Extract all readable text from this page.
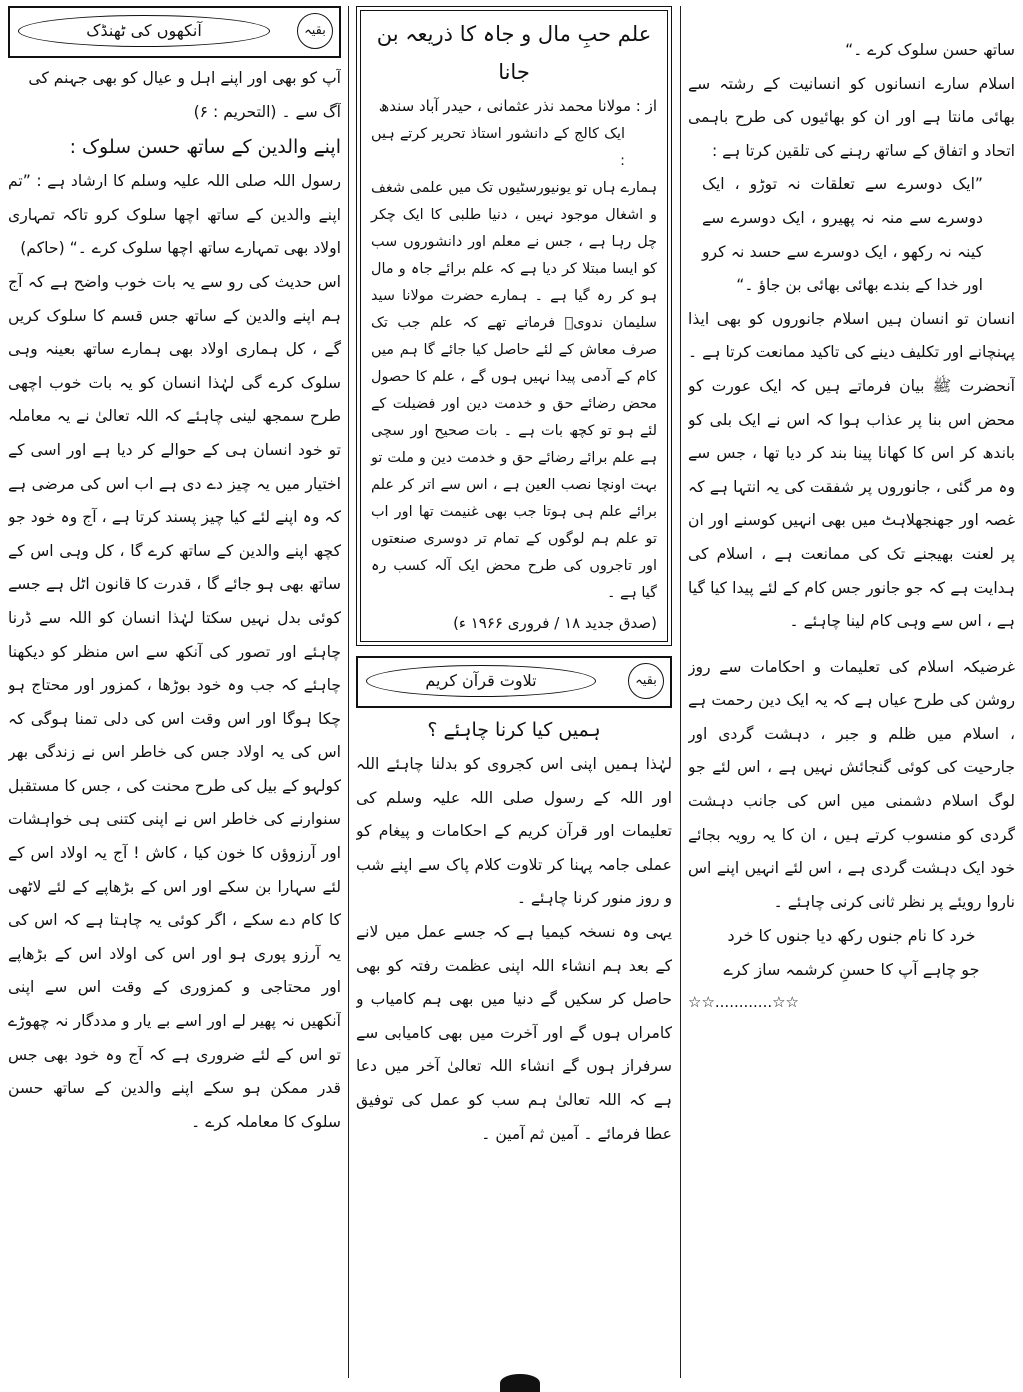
آنکھوں کی ٹھنڈک	بقیہ

آپ کو بھی اور اپنے اہل و عیال کو بھی جہنم کی

آگ سے ۔ (التحریم : ۶)

اپنے والدین کے ساتھ حسن سلوک :

رسول اللہ صلی اللہ علیہ وسلم کا ارشاد ہے : ”تم اپنے والدین کے ساتھ اچھا سلوک کرو تاکہ تمہاری اولاد بھی تمہارے ساتھ اچھا سلوک کرے ۔“ (حاکم)

اس حدیث کی رو سے یہ بات خوب واضح ہے کہ آج ہم اپنے والدین کے ساتھ جس قسم کا سلوک کریں گے ، کل ہماری اولاد بھی ہمارے ساتھ بعینہ وہی سلوک کرے گی لہٰذا انسان کو یہ بات خوب اچھی طرح سمجھ لینی چاہئے کہ اللہ تعالیٰ نے یہ معاملہ تو خود انسان ہی کے حوالے کر دیا ہے اور اسی کے اختیار میں یہ چیز دے دی ہے اب اس کی مرضی ہے کہ وہ اپنے لئے کیا چیز پسند کرتا ہے ، آج وہ خود جو کچھ اپنے والدین کے ساتھ کرے گا ، کل وہی اس کے ساتھ بھی ہو جائے گا ، قدرت کا قانون اٹل ہے جسے کوئی بدل نہیں سکتا لہٰذا انسان کو اللہ سے ڈرنا چاہئے اور تصور کی آنکھ سے اس منظر کو دیکھنا چاہئے کہ جب وہ خود بوڑھا ، کمزور اور محتاج ہو چکا ہوگا اور اس وقت اس کی دلی تمنا ہوگی کہ اس کی یہ اولاد جس کی خاطر اس نے زندگی بھر کولہو کے بیل کی طرح محنت کی ، جس کا مستقبل سنوارنے کی خاطر اس نے اپنی کتنی ہی خواہشات اور آرزوؤں کا خون کیا ، کاش ! آج یہ اولاد اس کے لئے سہارا بن سکے اور اس کے بڑھاپے کے لئے لاٹھی کا کام دے سکے ، اگر کوئی یہ چاہتا ہے کہ اس کی یہ آرزو پوری ہو اور اس کی اولاد اس کے بڑھاپے اور محتاجی و کمزوری کے وقت اس سے اپنی آنکھیں نہ پھیر لے اور اسے بے یار و مددگار نہ چھوڑے تو اس کے لئے ضروری ہے کہ آج وہ خود بھی جس قدر ممکن ہو سکے اپنے والدین کے ساتھ حسن سلوک کا معاملہ کرے ۔

علم حبِ مال و جاہ کا ذریعہ بن جانا
از : مولانا محمد نذر عثمانی ، حیدر آباد سندھ

ایک کالج کے دانشور استاذ تحریر کرتے ہیں :

ہمارے ہاں تو یونیورسٹیوں تک میں علمی شغف و اشغال موجود نہیں ، دنیا طلبی کا ایک چکر چل رہا ہے ، جس نے معلم اور دانشوروں سب کو ایسا مبتلا کر دیا ہے کہ علم برائے جاہ و مال ہو کر رہ گیا ہے ۔ ہمارے حضرت مولانا سید سلیمان ندویؒ فرماتے تھے کہ علم جب تک صرف معاش کے لئے حاصل کیا جائے گا ہم میں کام کے آدمی پیدا نہیں ہوں گے ، علم کا حصول محض رضائے حق و خدمت دین اور فضیلت کے لئے ہو تو کچھ بات ہے ۔ بات صحیح اور سچی ہے علم برائے رضائے حق و خدمت دین و ملت تو بہت اونچا نصب العین ہے ، اس سے اتر کر علم برائے علم ہی ہوتا جب بھی غنیمت تھا اور اب تو علم ہم لوگوں کے تمام تر دوسری صنعتوں اور تاجروں کی طرح محض ایک آلہ کسب رہ گیا ہے ۔

(صدق جدید ۱۸ / فروری ۱۹۶۶ ء)
تلاوت قرآن کریم	بقیہ

ہمیں کیا کرنا چاہئے ؟

لہٰذا ہمیں اپنی اس کجروی کو بدلنا چاہئے اللہ اور اللہ کے رسول صلی اللہ علیہ وسلم کی تعلیمات اور قرآن کریم کے احکامات و پیغام کو عملی جامہ پہنا کر تلاوت کلام پاک سے اپنے شب و روز منور کرنا چاہئے ۔

یہی وہ نسخہ کیمیا ہے کہ جسے عمل میں لانے کے بعد ہم انشاء اللہ اپنی عظمت رفتہ کو بھی حاصل کر سکیں گے دنیا میں بھی ہم کامیاب و کامراں ہوں گے اور آخرت میں بھی کامیابی سے سرفراز ہوں گے انشاء اللہ تعالیٰ آخر میں دعا ہے کہ اللہ تعالیٰ ہم سب کو عمل کی توفیق عطا فرمائے ۔ آمین ثم آمین ۔

ساتھ حسن سلوک کرے ۔“

اسلام سارے انسانوں کو انسانیت کے رشتہ سے بھائی مانتا ہے اور ان کو بھائیوں کی طرح باہمی اتحاد و اتفاق کے ساتھ رہنے کی تلقین کرتا ہے :

”ایک دوسرے سے تعلقات نہ توڑو ، ایک دوسرے سے منہ نہ پھیرو ، ایک دوسرے سے کینہ نہ رکھو ، ایک دوسرے سے حسد نہ کرو اور خدا کے بندے بھائی بھائی بن جاؤ ۔“

انسان تو انسان ہیں اسلام جانوروں کو بھی ایذا پہنچانے اور تکلیف دینے کی تاکید ممانعت کرتا ہے ۔ آنحضرت ﷺ بیان فرماتے ہیں کہ ایک عورت کو محض اس بنا پر عذاب ہوا کہ اس نے ایک بلی کو باندھ کر اس کا کھانا پینا بند کر دیا تھا ، جس سے وہ مر گئی ، جانوروں پر شفقت کی یہ انتہا ہے کہ غصہ اور جھنجھلاہٹ میں بھی انہیں کوسنے اور ان پر لعنت بھیجنے تک کی ممانعت ہے ، اسلام کی ہدایت ہے کہ جو جانور جس کام کے لئے پیدا کیا گیا ہے ، اس سے وہی کام لینا چاہئے ۔

غرضیکہ اسلام کی تعلیمات و احکامات سے روز روشن کی طرح عیاں ہے کہ یہ ایک دین رحمت ہے ، اسلام میں ظلم و جبر ، دہشت گردی اور جارحیت کی کوئی گنجائش نہیں ہے ، اس لئے جو لوگ اسلام دشمنی میں اس کی جانب دہشت گردی کو منسوب کرتے ہیں ، ان کا یہ رویہ بجائے خود ایک دہشت گردی ہے ، اس لئے انہیں اپنے اس ناروا رویئے پر نظر ثانی کرنی چاہئے ۔

خرد کا نام جنوں رکھ دیا جنوں کا خرد

جو چاہے آپ کا حسنِ کرشمہ ساز کرے

☆☆............☆☆
